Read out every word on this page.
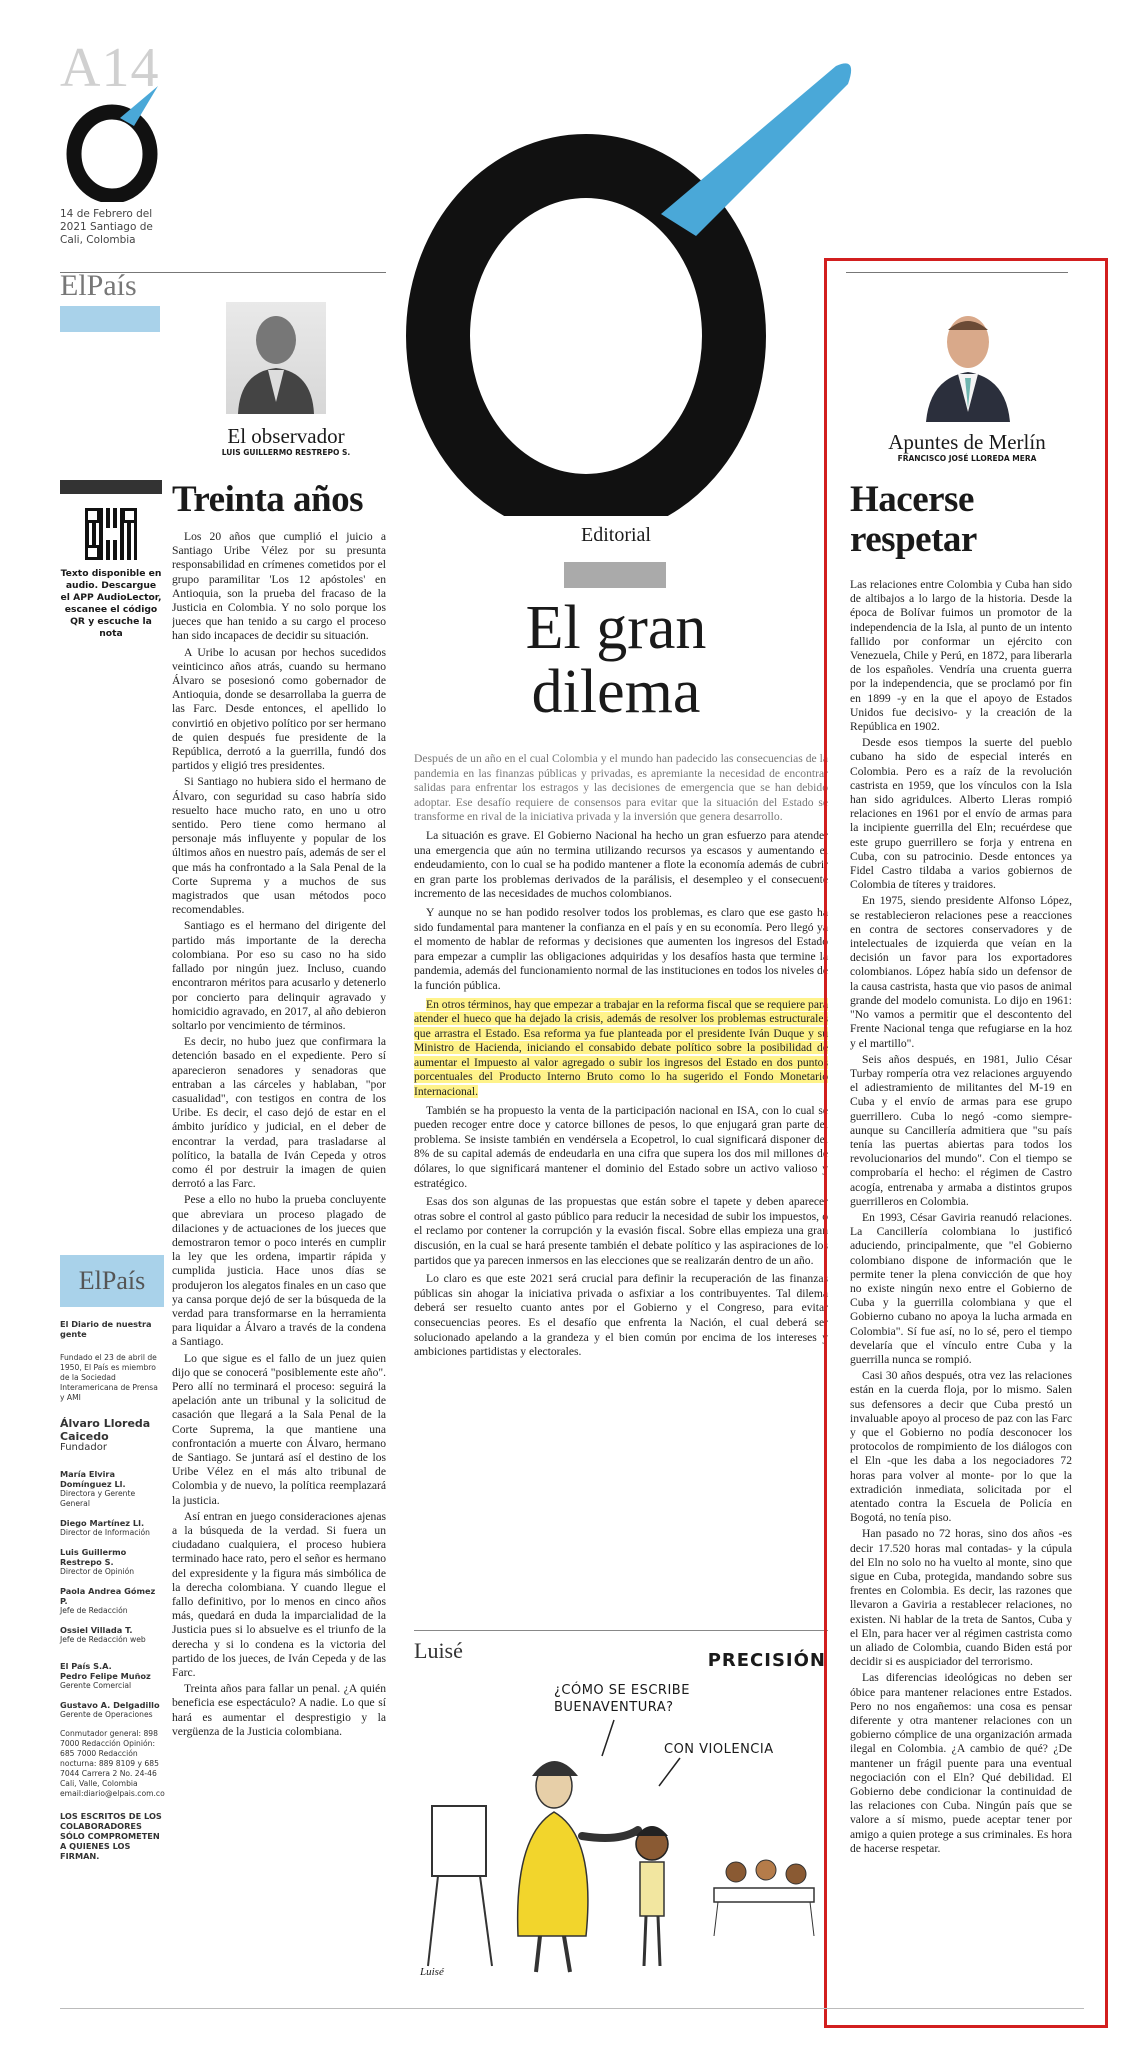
A14
14 de Febrero del 2021 Santiago de Cali, Colombia
ElPaís
El observador
LUIS GUILLERMO RESTREPO S.
Texto disponible en audio. Descargue el APP AudioLector, escanee el código QR y escuche la nota
Treinta años

Los 20 años que cumplió el juicio a Santiago Uribe Vélez por su presunta responsabilidad en crímenes cometidos por el grupo paramilitar 'Los 12 apóstoles' en Antioquia, son la prueba del fracaso de la Justicia en Colombia. Y no solo porque los jueces que han tenido a su cargo el proceso han sido incapaces de decidir su situación.

A Uribe lo acusan por hechos sucedidos veinticinco años atrás, cuando su hermano Álvaro se posesionó como gobernador de Antioquia, donde se desarrollaba la guerra de las Farc. Desde entonces, el apellido lo convirtió en objetivo político por ser hermano de quien después fue presidente de la República, derrotó a la guerrilla, fundó dos partidos y eligió tres presidentes.

Si Santiago no hubiera sido el hermano de Álvaro, con seguridad su caso habría sido resuelto hace mucho rato, en uno u otro sentido. Pero tiene como hermano al personaje más influyente y popular de los últimos años en nuestro país, además de ser el que más ha confrontado a la Sala Penal de la Corte Suprema y a muchos de sus magistrados que usan métodos poco recomendables.

Santiago es el hermano del dirigente del partido más importante de la derecha colombiana. Por eso su caso no ha sido fallado por ningún juez. Incluso, cuando encontraron méritos para acusarlo y detenerlo por concierto para delinquir agravado y homicidio agravado, en 2017, al año debieron soltarlo por vencimiento de términos.

Es decir, no hubo juez que confirmara la detención basado en el expediente. Pero sí aparecieron senadores y senadoras que entraban a las cárceles y hablaban, "por casualidad", con testigos en contra de los Uribe. Es decir, el caso dejó de estar en el ámbito jurídico y judicial, en el deber de encontrar la verdad, para trasladarse al político, la batalla de Iván Cepeda y otros como él por destruir la imagen de quien derrotó a las Farc.

Pese a ello no hubo la prueba concluyente que abreviara un proceso plagado de dilaciones y de actuaciones de los jueces que demostraron temor o poco interés en cumplir la ley que les ordena, impartir rápida y cumplida justicia. Hace unos días se produjeron los alegatos finales en un caso que ya cansa porque dejó de ser la búsqueda de la verdad para transformarse en la herramienta para liquidar a Álvaro a través de la condena a Santiago.

Lo que sigue es el fallo de un juez quien dijo que se conocerá "posiblemente este año". Pero allí no terminará el proceso: seguirá la apelación ante un tribunal y la solicitud de casación que llegará a la Sala Penal de la Corte Suprema, la que mantiene una confrontación a muerte con Álvaro, hermano de Santiago. Se juntará así el destino de los Uribe Vélez en el más alto tribunal de Colombia y de nuevo, la política reemplazará la justicia.

Así entran en juego consideraciones ajenas a la búsqueda de la verdad. Si fuera un ciudadano cualquiera, el proceso hubiera terminado hace rato, pero el señor es hermano del expresidente y la figura más simbólica de la derecha colombiana. Y cuando llegue el fallo definitivo, por lo menos en cinco años más, quedará en duda la imparcialidad de la Justicia pues si lo absuelve es el triunfo de la derecha y si lo condena es la victoria del partido de los jueces, de Iván Cepeda y de las Farc.

Treinta años para fallar un penal. ¿A quién beneficia ese espectáculo? A nadie. Lo que sí hará es aumentar el desprestigio y la vergüenza de la Justicia colombiana.

ElPaís
El Diario de nuestra gente
Fundado el 23 de abril de 1950, El País es miembro de la Sociedad Interamericana de Prensa y AMI
Álvaro Lloreda Caicedo
Fundador
María Elvira Domínguez Ll.
Directora y Gerente General
Diego Martínez Ll.
Director de Información
Luis Guillermo Restrepo S.
Director de Opinión
Paola Andrea Gómez P.
Jefe de Redacción
Ossiel Villada T.
Jefe de Redacción web
El País S.A.
Pedro Felipe Muñoz
Gerente Comercial
Gustavo A. Delgadillo
Gerente de Operaciones
Conmutador general: 898 7000 Redacción Opinión: 685 7000 Redacción nocturna: 889 8109 y 685 7044 Carrera 2 No. 24-46 Cali, Valle, Colombia email:diario@elpais.com.co
LOS ESCRITOS DE LOS COLABORADORES SÓLO COMPROMETEN A QUIENES LOS FIRMAN.
Editorial
El gran
dilema

Después de un año en el cual Colombia y el mundo han padecido las consecuencias de la pandemia en las finanzas públicas y privadas, es apremiante la necesidad de encontrar salidas para enfrentar los estragos y las decisiones de emergencia que se han debido adoptar. Ese desafío requiere de consensos para evitar que la situación del Estado se transforme en rival de la iniciativa privada y la inversión que genera desarrollo.

La situación es grave. El Gobierno Nacional ha hecho un gran esfuerzo para atender una emergencia que aún no termina utilizando recursos ya escasos y aumentando el endeudamiento, con lo cual se ha podido mantener a flote la economía además de cubrir en gran parte los problemas derivados de la parálisis, el desempleo y el consecuente incremento de las necesidades de muchos colombianos.

Y aunque no se han podido resolver todos los problemas, es claro que ese gasto ha sido fundamental para mantener la confianza en el país y en su economía. Pero llegó ya el momento de hablar de reformas y decisiones que aumenten los ingresos del Estado para empezar a cumplir las obligaciones adquiridas y los desafíos hasta que termine la pandemia, además del funcionamiento normal de las instituciones en todos los niveles de la función pública.

En otros términos, hay que empezar a trabajar en la reforma fiscal que se requiere para atender el hueco que ha dejado la crisis, además de resolver los problemas estructurales que arrastra el Estado. Esa reforma ya fue planteada por el presidente Iván Duque y su Ministro de Hacienda, iniciando el consabido debate político sobre la posibilidad de aumentar el Impuesto al valor agregado o subir los ingresos del Estado en dos puntos porcentuales del Producto Interno Bruto como lo ha sugerido el Fondo Monetario Internacional.

También se ha propuesto la venta de la participación nacional en ISA, con lo cual se pueden recoger entre doce y catorce billones de pesos, lo que enjugará gran parte del problema. Se insiste también en vendérsela a Ecopetrol, lo cual significará disponer del 8% de su capital además de endeudarla en una cifra que supera los dos mil millones de dólares, lo que significará mantener el dominio del Estado sobre un activo valioso y estratégico.

Esas dos son algunas de las propuestas que están sobre el tapete y deben aparecer otras sobre el control al gasto público para reducir la necesidad de subir los impuestos, o el reclamo por contener la corrupción y la evasión fiscal. Sobre ellas empieza una gran discusión, en la cual se hará presente también el debate político y las aspiraciones de los partidos que ya parecen inmersos en las elecciones que se realizarán dentro de un año.

Lo claro es que este 2021 será crucial para definir la recuperación de las finanzas públicas sin ahogar la iniciativa privada o asfixiar a los contribuyentes. Tal dilema deberá ser resuelto cuanto antes por el Gobierno y el Congreso, para evitar consecuencias peores. Es el desafío que enfrenta la Nación, el cual deberá ser solucionado apelando a la grandeza y el bien común por encima de los intereses y ambiciones partidistas y electorales.

Luisé	PRECISIÓN
¿CÓMO SE ESCRIBE BUENAVENTURA?
CON VIOLENCIA
Luisé
Apuntes de Merlín
FRANCISCO JOSÉ LLOREDA MERA
Hacerse respetar

Las relaciones entre Colombia y Cuba han sido de altibajos a lo largo de la historia. Desde la época de Bolívar fuimos un promotor de la independencia de la Isla, al punto de un intento fallido por conformar un ejército con Venezuela, Chile y Perú, en 1872, para liberarla de los españoles. Vendría una cruenta guerra por la independencia, que se proclamó por fin en 1899 -y en la que el apoyo de Estados Unidos fue decisivo- y la creación de la República en 1902.

Desde esos tiempos la suerte del pueblo cubano ha sido de especial interés en Colombia. Pero es a raíz de la revolución castrista en 1959, que los vínculos con la Isla han sido agridulces. Alberto Lleras rompió relaciones en 1961 por el envío de armas para la incipiente guerrilla del Eln; recuérdese que este grupo guerrillero se forja y entrena en Cuba, con su patrocinio. Desde entonces ya Fidel Castro tildaba a varios gobiernos de Colombia de títeres y traidores.

En 1975, siendo presidente Alfonso López, se restablecieron relaciones pese a reacciones en contra de sectores conservadores y de intelectuales de izquierda que veían en la decisión un favor para los exportadores colombianos. López había sido un defensor de la causa castrista, hasta que vio pasos de animal grande del modelo comunista. Lo dijo en 1961: "No vamos a permitir que el descontento del Frente Nacional tenga que refugiarse en la hoz y el martillo".

Seis años después, en 1981, Julio César Turbay rompería otra vez relaciones arguyendo el adiestramiento de militantes del M-19 en Cuba y el envío de armas para ese grupo guerrillero. Cuba lo negó -como siempre- aunque su Cancillería admitiera que "su país tenía las puertas abiertas para todos los revolucionarios del mundo". Con el tiempo se comprobaría el hecho: el régimen de Castro acogía, entrenaba y armaba a distintos grupos guerrilleros en Colombia.

En 1993, César Gaviria reanudó relaciones. La Cancillería colombiana lo justificó aduciendo, principalmente, que "el Gobierno colombiano dispone de información que le permite tener la plena convicción de que hoy no existe ningún nexo entre el Gobierno de Cuba y la guerrilla colombiana y que el Gobierno cubano no apoya la lucha armada en Colombia". Sí fue así, no lo sé, pero el tiempo develaría que el vínculo entre Cuba y la guerrilla nunca se rompió.

Casi 30 años después, otra vez las relaciones están en la cuerda floja, por lo mismo. Salen sus defensores a decir que Cuba prestó un invaluable apoyo al proceso de paz con las Farc y que el Gobierno no podía desconocer los protocolos de rompimiento de los diálogos con el Eln -que les daba a los negociadores 72 horas para volver al monte- por lo que la extradición inmediata, solicitada por el atentado contra la Escuela de Policía en Bogotá, no tenía piso.

Han pasado no 72 horas, sino dos años -es decir 17.520 horas mal contadas- y la cúpula del Eln no solo no ha vuelto al monte, sino que sigue en Cuba, protegida, mandando sobre sus frentes en Colombia. Es decir, las razones que llevaron a Gaviria a restablecer relaciones, no existen. Ni hablar de la treta de Santos, Cuba y el Eln, para hacer ver al régimen castrista como un aliado de Colombia, cuando Biden está por decidir si es auspiciador del terrorismo.

Las diferencias ideológicas no deben ser óbice para mantener relaciones entre Estados. Pero no nos engañemos: una cosa es pensar diferente y otra mantener relaciones con un gobierno cómplice de una organización armada ilegal en Colombia. ¿A cambio de qué? ¿De mantener un frágil puente para una eventual negociación con el Eln? Qué debilidad. El Gobierno debe condicionar la continuidad de las relaciones con Cuba. Ningún país que se valore a sí mismo, puede aceptar tener por amigo a quien protege a sus criminales. Es hora de hacerse respetar.
